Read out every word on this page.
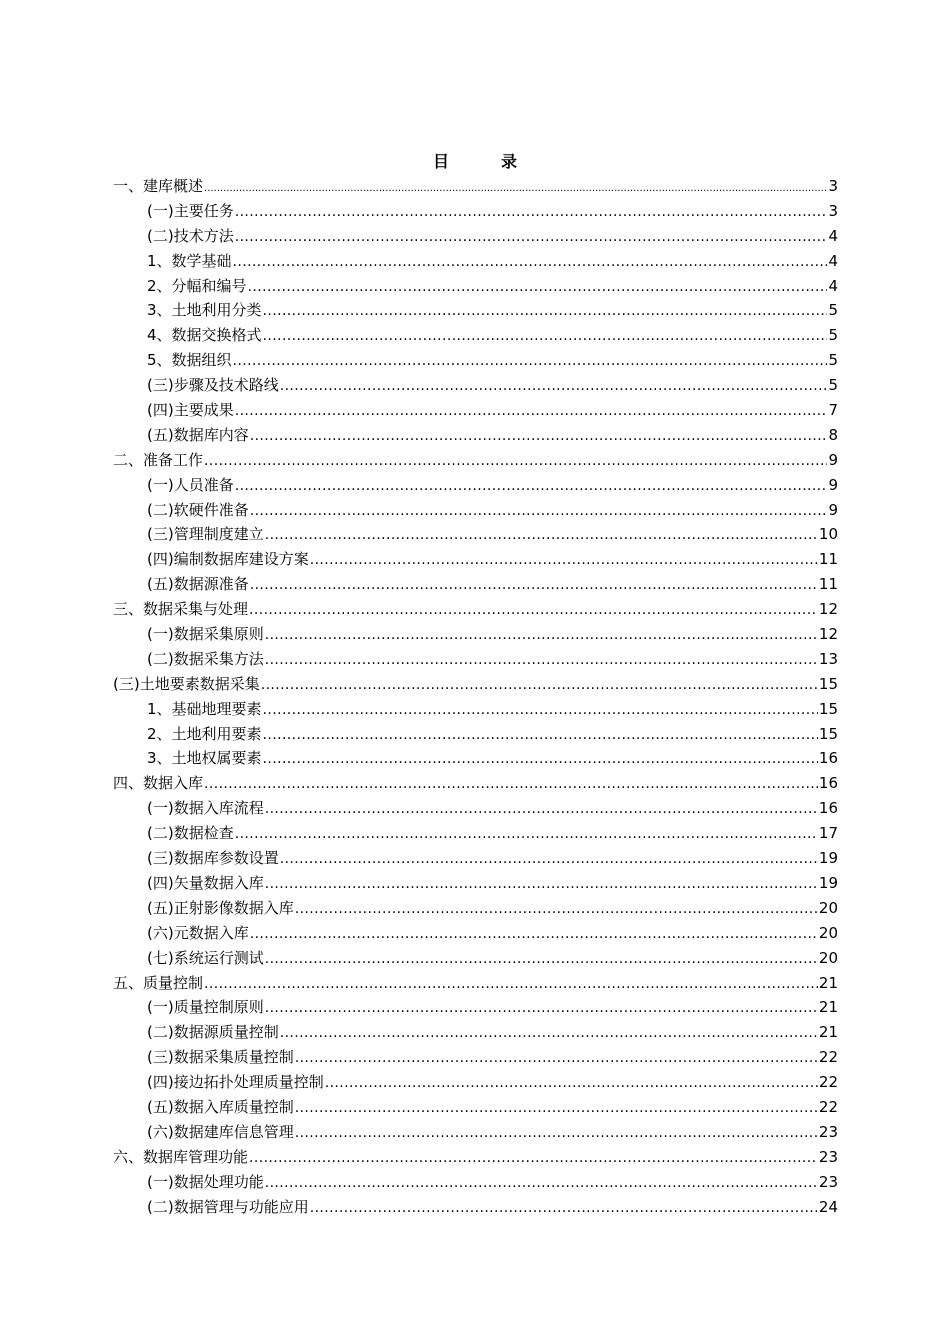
目　录
一、建库概述 .....	3
(一)主要任务 .....	3
(二)技术方法 .....	4
1、数学基础 .....	4
2、分幅和编号 .....	4
3、土地利用分类 .....	5
4、数据交换格式 .....	5
5、数据组织 .....	5
(三)步骤及技术路线 .....	5
(四)主要成果 .....	7
(五)数据库内容 .....	8
二、准备工作 .....	9
(一)人员准备 .....	9
(二)软硬件准备 .....	9
(三)管理制度建立 .....	10
(四)编制数据库建设方案 .....	11
(五)数据源准备 .....	11
三、数据采集与处理 .....	12
(一)数据采集原则 .....	12
(二)数据采集方法 .....	13
(三)土地要素数据采集 .....	15
1、基础地理要素 .....	15
2、土地利用要素 .....	15
3、土地权属要素 .....	16
四、数据入库 .....	16
(一)数据入库流程 .....	16
(二)数据检查 .....	17
(三)数据库参数设置 .....	19
(四)矢量数据入库 .....	19
(五)正射影像数据入库 .....	20
(六)元数据入库 .....	20
(七)系统运行测试 .....	20
五、质量控制 .....	21
(一)质量控制原则 .....	21
(二)数据源质量控制 .....	21
(三)数据采集质量控制 .....	22
(四)接边拓扑处理质量控制 .....	22
(五)数据入库质量控制 .....	22
(六)数据建库信息管理 .....	23
六、数据库管理功能 .....	23
(一)数据处理功能 .....	23
(二)数据管理与功能应用 .....	24
